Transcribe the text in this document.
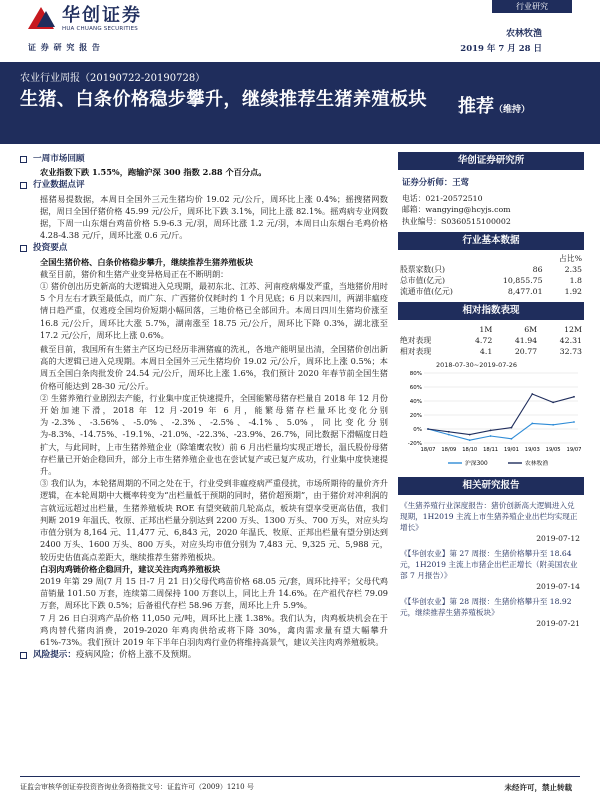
华创证券
HUA CHUANG SECURITIES
行业研究
证 券 研 究 报 告
农林牧渔
2019 年 7 月 28 日
农业行业周报（20190722-20190728）
生猪、白条价格稳步攀升，继续推荐生猪养殖板块	推荐（维持）
一周市场回顾
农业指数下跌 1.55%，跑输沪深 300 指数 2.88 个百分点。
行业数据点评
摇猪易提数据，本周日全国外三元生猪均价 19.02 元/公斤，周环比上涨 0.4%；摇搜猪网数据，周日全国仔猪价格 45.99 元/公斤，周环比下跌 3.1%，同比上涨 82.1%。摇鸡病专业网数据，下周一山东烟台鸡苗价格 5.9-6.3 元/羽，周环比涨 1.2 元/羽，本周日山东烟台毛鸡价格 4.28-4.38 元/斤，周环比涨 0.6 元/斤。
投资要点
全国生猪价格、白条价格稳步攀升，继续推荐生猪养殖板块
截至目前，猪价和生猪产业变异格局正在不断明朗：
① 猪价创出历史新高的大逻辑进入兑现期，最初东北、江苏、河南疫病爆发严重，当地猪价用时 5 个月左右才跌至最低点，而广东、广西猪价仅耗时约 1 个月见底；6 月以来四川，两湖非瘟疫情日趋严重，仅逃疫全国均价短期小幅回落，三地价格已全部回升。本周日四川生猪均价涨至 16.8 元/公斤，周环比大涨 5.7%，湖南涨至 18.75 元/公斤，周环比下降 0.3%，湖北涨至 17.2 元/公斤，周环比上涨 0.6%。
截至目前，我国所有生猪主产区均已经历非洲猪瘟的洗礼，各地产能明显出清，全国猪价创出新高的大逻辑已进入兑现期。本周日全国外三元生猪均价 19.02 元/公斤，周环比上涨 0.5%；本周五全国白条肉批发价 24.54 元/公斤，周环比上涨 1.6%，我们预计 2020 年春节前全国生猪价格可能达到 28-30 元/公斤。
② 生猪养殖行业剧烈去产能，行业集中度正快速提升，全国能繁母猪存栏量自 2018 年 12 月份开始加速下滑，2018 年 12 月-2019 年 6 月，能繁母猪存栏量环比变化分别为-2.3%、-3.56%、-5.0%、-2.3%、-2.5%、-4.1%、5.0%，同比变化分别为-8.3%、-14.75%、-19.1%、-21.0%、-22.3%、-23.9%、26.7%，同比数据下滑幅度日趋扩大，与此同时，上市生猪养殖企业（除雏鹰农牧）前 6 月出栏量均实现正增长，温氏股份母猪存栏量已开始企稳回升，部分上市生猪养殖企业也在尝试复产或已复产成功，行业集中度快速提升。
③ 我们认为，本轮猪周期的不同之处在于，行业受到非瘟疫病严重侵扰，市场所期待的量价齐升逻辑，在本轮周期中大概率转变为“出栏量低于预期的同时，猪价超预期”，由于猪价对冲利润的言就远远超过出栏量，生猪养殖板块 ROE 有望突破前几轮高点，板块有望享受更高估值，我们判断 2019 年温氏、牧原、正邦出栏量分别达到 2200 万头、1300 万头、700 万头，对应头均市值分别为 8,164 元、11,477 元、6,843 元，2020 年温氏、牧原、正邦出栏量有望分别达到 2400 万头、1600 万头、800 万头，对应头均市值分别为 7,483 元、9,325 元、5,988 元，较历史估值高点差距大，继续推荐生猪养殖板块。
白羽肉鸡链价格企稳回升，建议关注肉鸡养殖板块
2019 年第 29 周(7 月 15 日-7 月 21 日)父母代鸡苗价格 68.05 元/套，周环比持平；父母代鸡苗销量 101.50 万套，连续第二周保持 100 万套以上，同比上升 14.6%。在产祖代存栏 79.09 万套，周环比下跌 0.5%；后备祖代存栏 58.96 万套，周环比上升 5.9%。
7 月 26 日白羽鸡产品价格 11,050 元/吨，周环比上涨 1.38%。我们认为，肉鸡板块机会在于鸡肉替代猪肉消费，2019-2020 年鸡肉供给或将下降 30%，禽肉需求量有望大幅攀升 61%-73%。我们预计 2019 年下半年白羽肉鸡行业仍将维持高景气，建议关注肉鸡养殖板块。
风险提示： 疫病风险；价格上涨不及预期。
华创证券研究所
证券分析师：王莺
电话：021-20572510
邮箱：wangying@hcyjs.com
执业编号：S0360515100002
行业基本数据
		占比%
股票家数(只)	86	2.35
总市值(亿元)	10,855.75	1.8
流通市值(亿元)	8,477.01	1.92
相对指数表现
	1M	6M	12M
绝对表现	4.72	41.94	42.31
相对表现	4.1	20.77	32.73
2018-07-30~2019-07-26
80%
60%
40%
20%
0%
-20%
18/07 18/09 18/10 18/11 19/01 19/03 19/05 19/07
沪深300	农林牧渔
相关研究报告
《生猪养殖行业深度报告：猪价创新高大逻辑进入兑现期，1H2019 主流上市生猪养殖企业出栏均实现正增长》
2019-07-12
《【华创农业】第 27 周报：生猪价格攀升至 18.64 元，1H2019 主流上市猪企出栏正增长（附美国农业部 7 月报告）》
2019-07-14
《【华创农业】第 28 周报：生猪价格攀升至 18.92 元，继续推荐生猪养殖板块》
2019-07-21
证监会审核华创证券投资咨询业务资格批文号：证监许可（2009）1210 号	未经许可，禁止转载
